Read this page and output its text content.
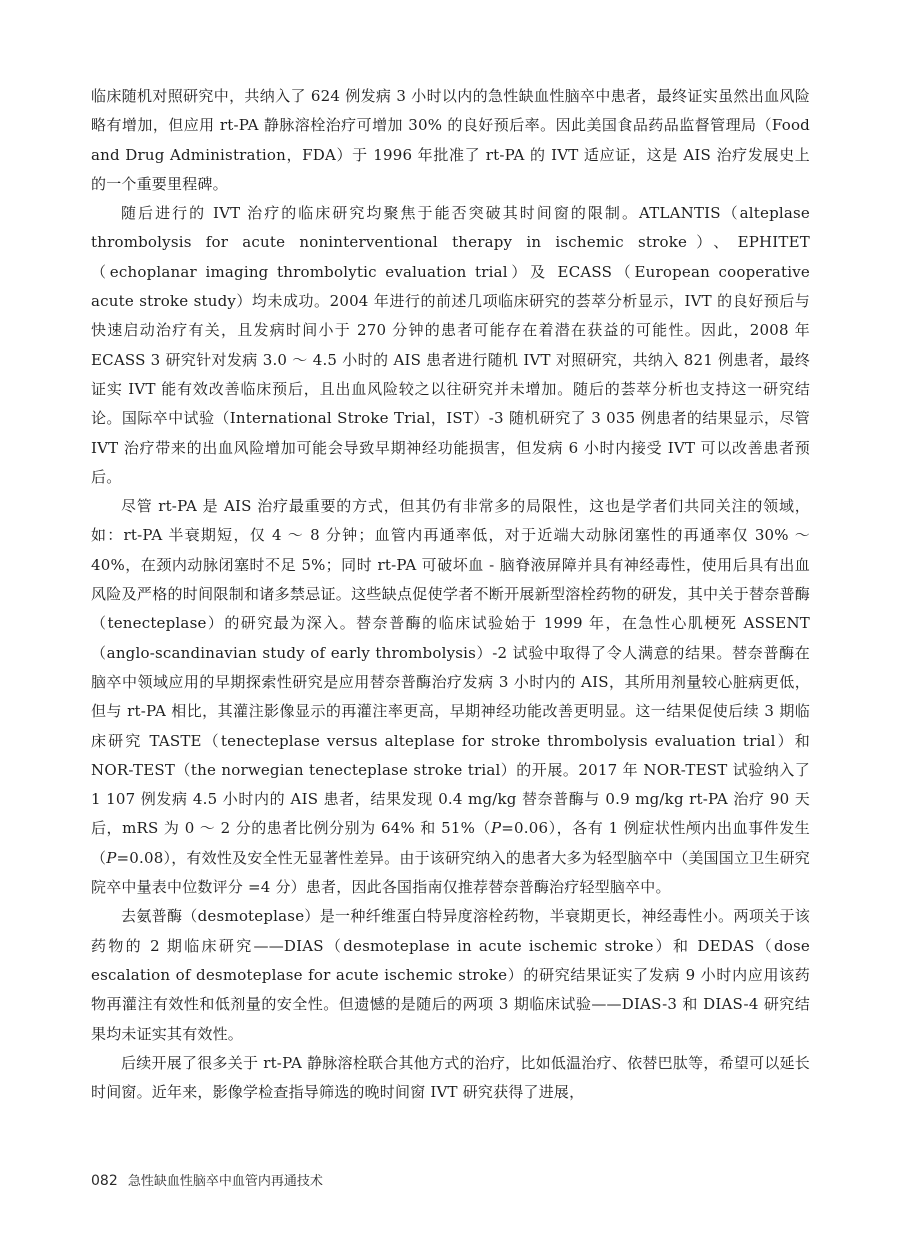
临床随机对照研究中，共纳入了 624 例发病 3 小时以内的急性缺血性脑卒中患者，最终证实虽然出血风险略有增加，但应用 rt-PA 静脉溶栓治疗可增加 30% 的良好预后率。因此美国食品药品监督管理局（Food and Drug Administration，FDA）于 1996 年批准了 rt-PA 的 IVT 适应证，这是 AIS 治疗发展史上的一个重要里程碑。

随后进行的 IVT 治疗的临床研究均聚焦于能否突破其时间窗的限制。ATLANTIS（alteplase thrombolysis for acute noninterventional therapy in ischemic stroke）、EPHITET（echoplanar imaging thrombolytic evaluation trial）及 ECASS（European cooperative acute stroke study）均未成功。2004 年进行的前述几项临床研究的荟萃分析显示，IVT 的良好预后与快速启动治疗有关，且发病时间小于 270 分钟的患者可能存在着潜在获益的可能性。因此，2008 年 ECASS 3 研究针对发病 3.0 ～ 4.5 小时的 AIS 患者进行随机 IVT 对照研究，共纳入 821 例患者，最终证实 IVT 能有效改善临床预后，且出血风险较之以往研究并未增加。随后的荟萃分析也支持这一研究结论。国际卒中试验（International Stroke Trial，IST）-3 随机研究了 3 035 例患者的结果显示，尽管 IVT 治疗带来的出血风险增加可能会导致早期神经功能损害，但发病 6 小时内接受 IVT 可以改善患者预后。

尽管 rt-PA 是 AIS 治疗最重要的方式，但其仍有非常多的局限性，这也是学者们共同关注的领域，如：rt-PA 半衰期短，仅 4 ～ 8 分钟；血管内再通率低，对于近端大动脉闭塞性的再通率仅 30% ～ 40%，在颈内动脉闭塞时不足 5%；同时 rt-PA 可破坏血 - 脑脊液屏障并具有神经毒性，使用后具有出血风险及严格的时间限制和诸多禁忌证。这些缺点促使学者不断开展新型溶栓药物的研发，其中关于替奈普酶（tenecteplase）的研究最为深入。替奈普酶的临床试验始于 1999 年，在急性心肌梗死 ASSENT（anglo-scandinavian study of early thrombolysis）-2 试验中取得了令人满意的结果。替奈普酶在脑卒中领域应用的早期探索性研究是应用替奈普酶治疗发病 3 小时内的 AIS，其所用剂量较心脏病更低，但与 rt-PA 相比，其灌注影像显示的再灌注率更高，早期神经功能改善更明显。这一结果促使后续 3 期临床研究 TASTE（tenecteplase versus alteplase for stroke thrombolysis evaluation trial）和 NOR-TEST（the norwegian tenecteplase stroke trial）的开展。2017 年 NOR-TEST 试验纳入了 1 107 例发病 4.5 小时内的 AIS 患者，结果发现 0.4 mg/kg 替奈普酶与 0.9 mg/kg rt-PA 治疗 90 天后，mRS 为 0 ～ 2 分的患者比例分别为 64% 和 51%（P=0.06），各有 1 例症状性颅内出血事件发生（P=0.08），有效性及安全性无显著性差异。由于该研究纳入的患者大多为轻型脑卒中（美国国立卫生研究院卒中量表中位数评分 =4 分）患者，因此各国指南仅推荐替奈普酶治疗轻型脑卒中。

去氨普酶（desmoteplase）是一种纤维蛋白特异度溶栓药物，半衰期更长，神经毒性小。两项关于该药物的 2 期临床研究——DIAS（desmoteplase in acute ischemic stroke）和 DEDAS（dose escalation of desmoteplase for acute ischemic stroke）的研究结果证实了发病 9 小时内应用该药物再灌注有效性和低剂量的安全性。但遗憾的是随后的两项 3 期临床试验——DIAS-3 和 DIAS-4 研究结果均未证实其有效性。

后续开展了很多关于 rt-PA 静脉溶栓联合其他方式的治疗，比如低温治疗、依替巴肽等，希望可以延长时间窗。近年来，影像学检查指导筛选的晚时间窗 IVT 研究获得了进展，

082 急性缺血性脑卒中血管内再通技术
